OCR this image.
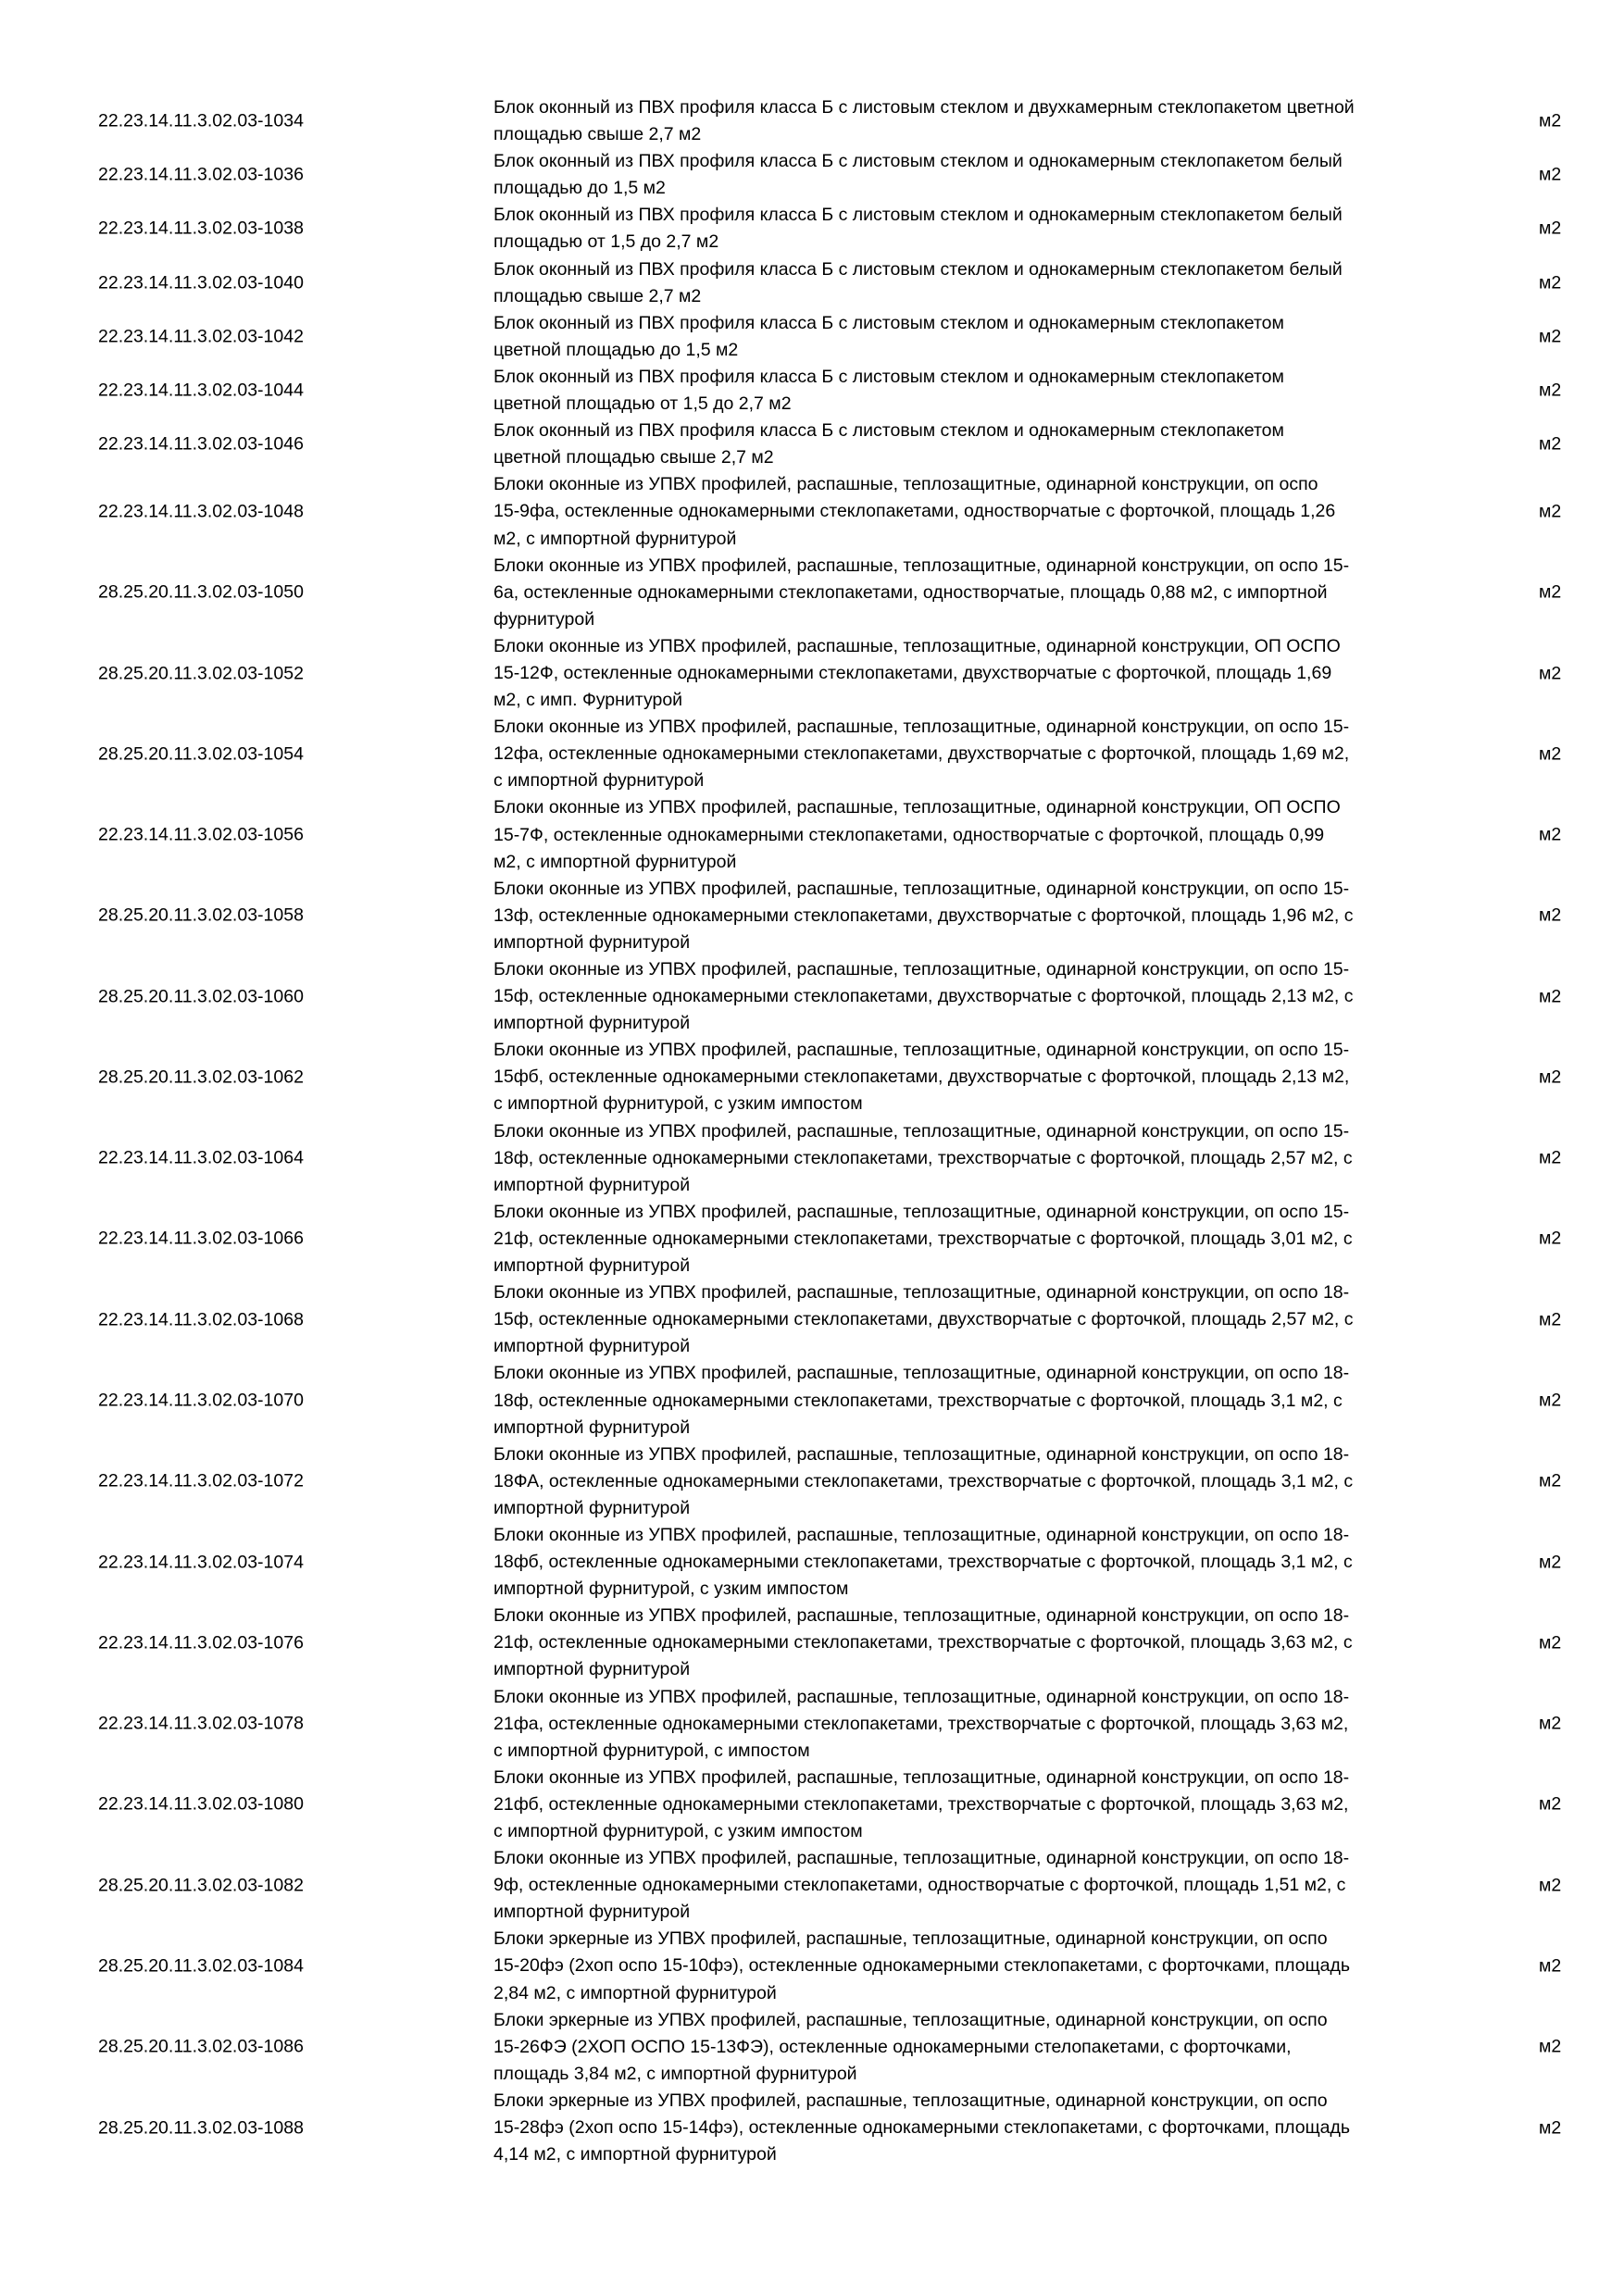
22.23.14.11.3.02.03-1034
Блок оконный из ПВХ профиля класса Б с листовым стеклом и двухкамерным стеклопакетом цветной
площадью свыше 2,7 м2
м2
22.23.14.11.3.02.03-1036
Блок оконный из ПВХ профиля класса Б с листовым стеклом и однокамерным стеклопакетом белый
площадью до 1,5 м2
м2
22.23.14.11.3.02.03-1038
Блок оконный из ПВХ профиля класса Б с листовым стеклом и однокамерным стеклопакетом белый
площадью от 1,5 до 2,7 м2
м2
22.23.14.11.3.02.03-1040
Блок оконный из ПВХ профиля класса Б с листовым стеклом и однокамерным стеклопакетом белый
площадью свыше 2,7 м2
м2
22.23.14.11.3.02.03-1042
Блок оконный из ПВХ профиля класса Б с листовым стеклом и однокамерным стеклопакетом
цветной площадью до 1,5 м2
м2
22.23.14.11.3.02.03-1044
Блок оконный из ПВХ профиля класса Б с листовым стеклом и однокамерным стеклопакетом
цветной площадью от 1,5 до 2,7 м2
м2
22.23.14.11.3.02.03-1046
Блок оконный из ПВХ профиля класса Б с листовым стеклом и однокамерным стеклопакетом
цветной площадью свыше 2,7 м2
м2
22.23.14.11.3.02.03-1048
Блоки оконные из УПВХ профилей, распашные, теплозащитные, одинарной конструкции, оп оспо
15-9фа, остекленные однокамерными стеклопакетами, одностворчатые с форточкой, площадь 1,26
м2, с импортной фурнитурой
м2
28.25.20.11.3.02.03-1050
Блоки оконные из УПВХ профилей, распашные, теплозащитные, одинарной конструкции, оп оспо 15-
6а, остекленные однокамерными стеклопакетами, одностворчатые, площадь 0,88 м2, с импортной
фурнитурой
м2
28.25.20.11.3.02.03-1052
Блоки оконные из УПВХ профилей, распашные, теплозащитные, одинарной конструкции, ОП ОСПО
15-12Ф, остекленные однокамерными стеклопакетами, двухстворчатые с форточкой, площадь 1,69
м2, с имп. Фурнитурой
м2
28.25.20.11.3.02.03-1054
Блоки оконные из УПВХ профилей, распашные, теплозащитные, одинарной конструкции, оп оспо 15-
12фа, остекленные однокамерными стеклопакетами, двухстворчатые с форточкой, площадь 1,69 м2,
с импортной фурнитурой
м2
22.23.14.11.3.02.03-1056
Блоки оконные из УПВХ профилей, распашные, теплозащитные, одинарной конструкции, ОП ОСПО
15-7Ф, остекленные однокамерными стеклопакетами, одностворчатые с форточкой, площадь 0,99
м2, с импортной фурнитурой
м2
28.25.20.11.3.02.03-1058
Блоки оконные из УПВХ профилей, распашные, теплозащитные, одинарной конструкции, оп оспо 15-
13ф, остекленные однокамерными стеклопакетами, двухстворчатые с форточкой, площадь 1,96 м2, с
импортной фурнитурой
м2
28.25.20.11.3.02.03-1060
Блоки оконные из УПВХ профилей, распашные, теплозащитные, одинарной конструкции, оп оспо 15-
15ф, остекленные однокамерными стеклопакетами, двухстворчатые с форточкой, площадь 2,13 м2, с
импортной фурнитурой
м2
28.25.20.11.3.02.03-1062
Блоки оконные из УПВХ профилей, распашные, теплозащитные, одинарной конструкции, оп оспо 15-
15фб, остекленные однокамерными стеклопакетами, двухстворчатые с форточкой, площадь 2,13 м2,
с импортной фурнитурой, с узким импостом
м2
22.23.14.11.3.02.03-1064
Блоки оконные из УПВХ профилей, распашные, теплозащитные, одинарной конструкции, оп оспо 15-
18ф, остекленные однокамерными стеклопакетами, трехстворчатые с форточкой, площадь 2,57 м2, с
импортной фурнитурой
м2
22.23.14.11.3.02.03-1066
Блоки оконные из УПВХ профилей, распашные, теплозащитные, одинарной конструкции, оп оспо 15-
21ф, остекленные однокамерными стеклопакетами, трехстворчатые с форточкой, площадь 3,01 м2, с
импортной фурнитурой
м2
22.23.14.11.3.02.03-1068
Блоки оконные из УПВХ профилей, распашные, теплозащитные, одинарной конструкции, оп оспо 18-
15ф, остекленные однокамерными стеклопакетами, двухстворчатые с форточкой, площадь 2,57 м2, с
импортной фурнитурой
м2
22.23.14.11.3.02.03-1070
Блоки оконные из УПВХ профилей, распашные, теплозащитные, одинарной конструкции, оп оспо 18-
18ф, остекленные однокамерными стеклопакетами, трехстворчатые с форточкой, площадь 3,1 м2, с
импортной фурнитурой
м2
22.23.14.11.3.02.03-1072
Блоки оконные из УПВХ профилей, распашные, теплозащитные, одинарной конструкции, оп оспо 18-
18ФА, остекленные однокамерными стеклопакетами, трехстворчатые с форточкой, площадь 3,1 м2, с
импортной фурнитурой
м2
22.23.14.11.3.02.03-1074
Блоки оконные из УПВХ профилей, распашные, теплозащитные, одинарной конструкции, оп оспо 18-
18фб, остекленные однокамерными стеклопакетами, трехстворчатые с форточкой, площадь 3,1 м2, с
импортной фурнитурой, с узким импостом
м2
22.23.14.11.3.02.03-1076
Блоки оконные из УПВХ профилей, распашные, теплозащитные, одинарной конструкции, оп оспо 18-
21ф, остекленные однокамерными стеклопакетами, трехстворчатые с форточкой, площадь 3,63 м2, с
импортной фурнитурой
м2
22.23.14.11.3.02.03-1078
Блоки оконные из УПВХ профилей, распашные, теплозащитные, одинарной конструкции, оп оспо 18-
21фа, остекленные однокамерными стеклопакетами, трехстворчатые с форточкой, площадь 3,63 м2,
с импортной фурнитурой, с импостом
м2
22.23.14.11.3.02.03-1080
Блоки оконные из УПВХ профилей, распашные, теплозащитные, одинарной конструкции, оп оспо 18-
21фб, остекленные однокамерными стеклопакетами, трехстворчатые с форточкой, площадь 3,63 м2,
с импортной фурнитурой, с узким импостом
м2
28.25.20.11.3.02.03-1082
Блоки оконные из УПВХ профилей, распашные, теплозащитные, одинарной конструкции, оп оспо 18-
9ф, остекленные однокамерными стеклопакетами, одностворчатые с форточкой, площадь 1,51 м2, с
импортной фурнитурой
м2
28.25.20.11.3.02.03-1084
Блоки эркерные из УПВХ профилей, распашные, теплозащитные, одинарной конструкции, оп оспо
15-20фэ (2хоп оспо 15-10фэ), остекленные однокамерными стеклопакетами, с форточками, площадь
2,84 м2, с импортной фурнитурой
м2
28.25.20.11.3.02.03-1086
Блоки эркерные из УПВХ профилей, распашные, теплозащитные, одинарной конструкции, оп оспо
15-26ФЭ (2ХОП ОСПО 15-13ФЭ), остекленные однокамерными стелопакетами, с форточками,
площадь 3,84 м2, с импортной фурнитурой
м2
28.25.20.11.3.02.03-1088
Блоки эркерные из УПВХ профилей, распашные, теплозащитные, одинарной конструкции, оп оспо
15-28фэ (2хоп оспо 15-14фэ), остекленные однокамерными стеклопакетами, с форточками, площадь
4,14 м2, с импортной фурнитурой
м2
